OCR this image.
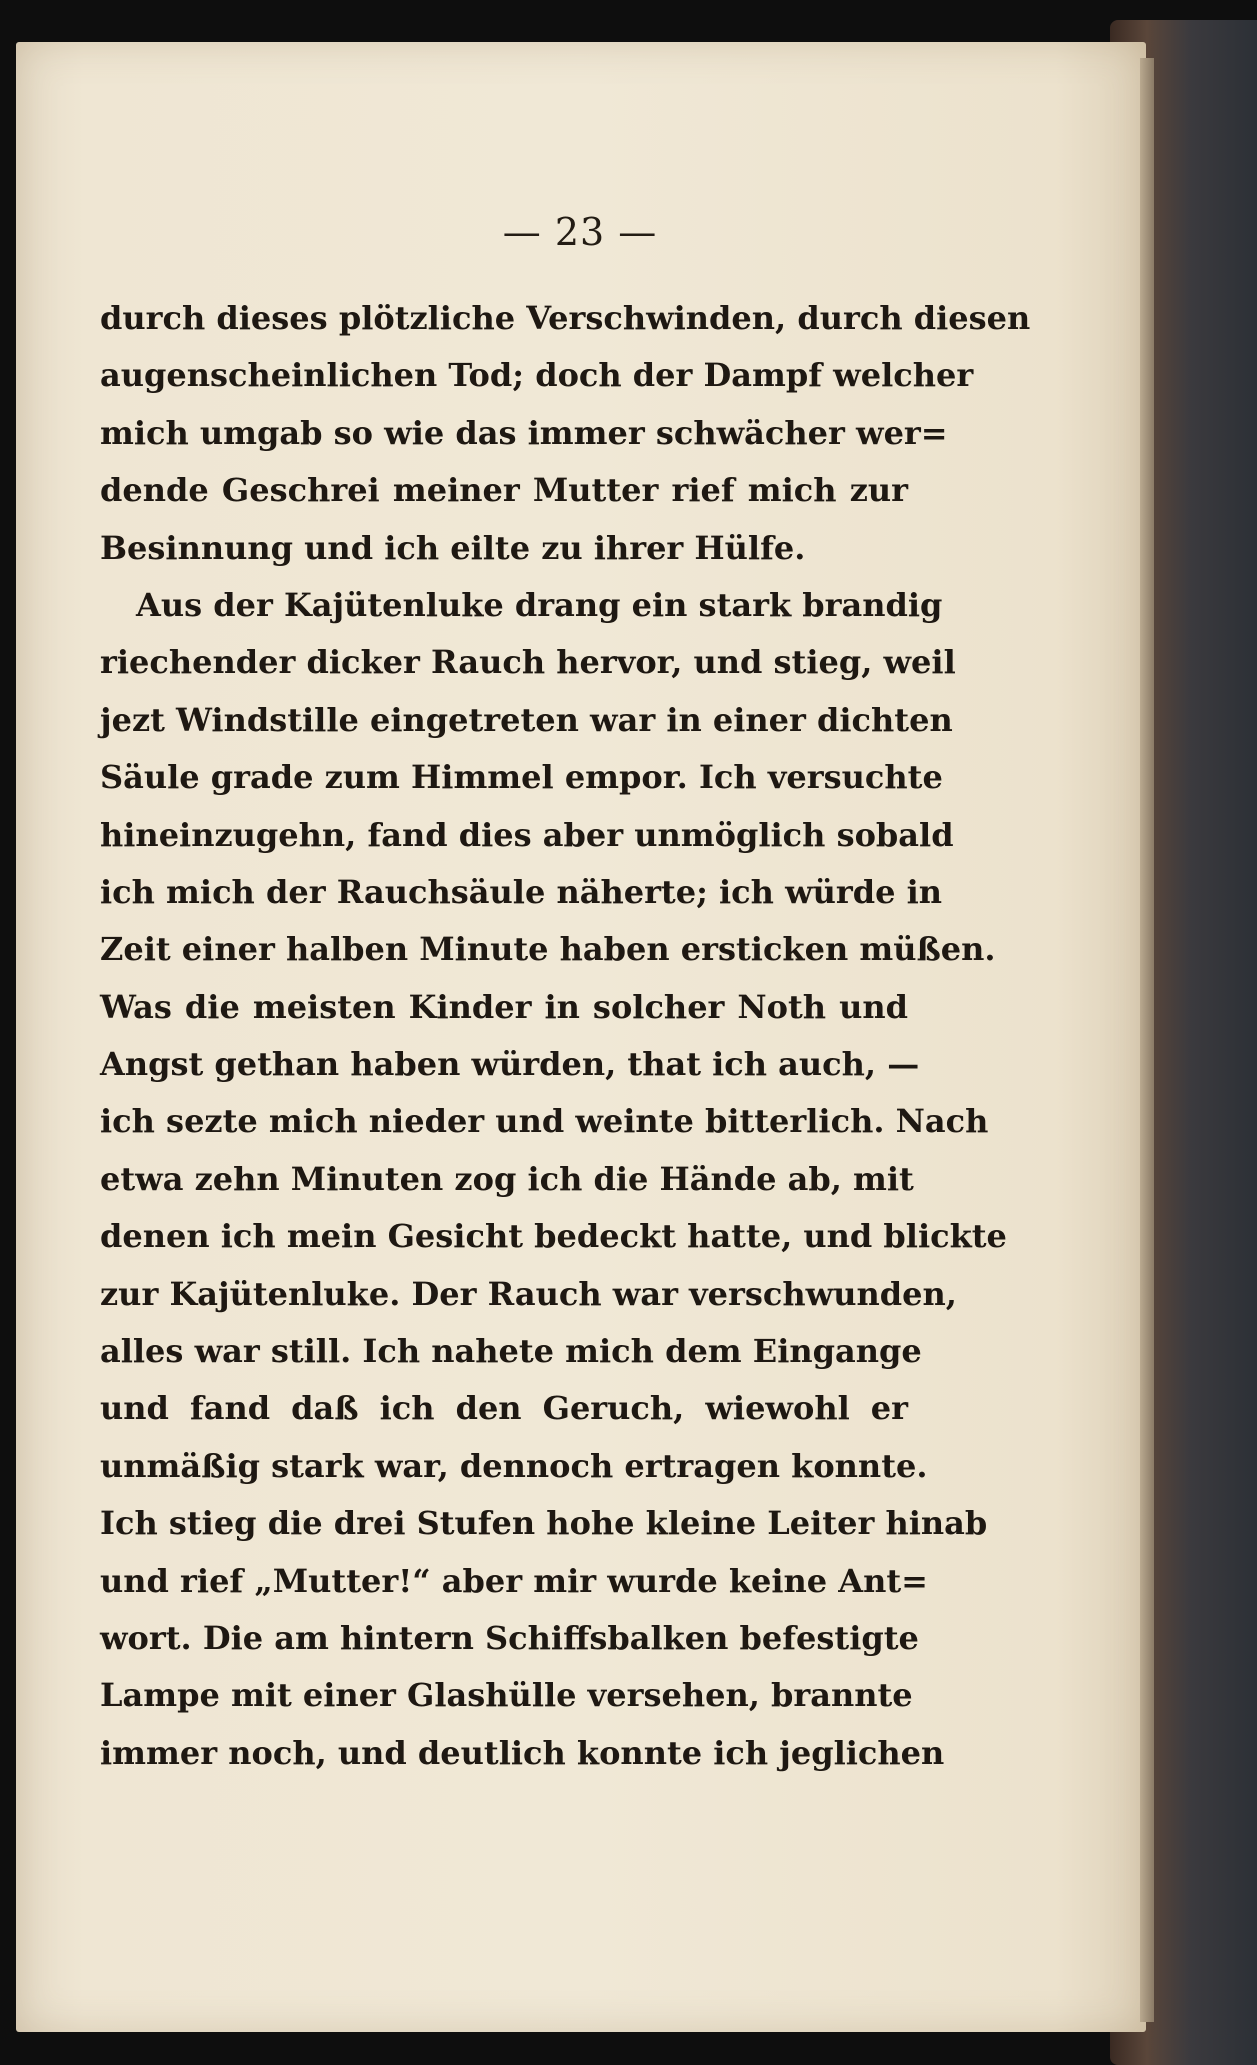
— 23 —
durch dieses plötzliche Verschwinden, durch diesen
augenscheinlichen Tod; doch der Dampf welcher
mich umgab so wie das immer schwächer wer=
dende Geschrei meiner Mutter rief mich zur
Besinnung und ich eilte zu ihrer Hülfe.
Aus der Kajütenluke drang ein stark brandig
riechender dicker Rauch hervor, und stieg, weil
jezt Windstille eingetreten war in einer dichten
Säule grade zum Himmel empor. Ich versuchte
hineinzugehn, fand dies aber unmöglich sobald
ich mich der Rauchsäule näherte; ich würde in
Zeit einer halben Minute haben ersticken müßen.
Was die meisten Kinder in solcher Noth und
Angst gethan haben würden, that ich auch, —
ich sezte mich nieder und weinte bitterlich. Nach
etwa zehn Minuten zog ich die Hände ab, mit
denen ich mein Gesicht bedeckt hatte, und blickte
zur Kajütenluke. Der Rauch war verschwunden,
alles war still. Ich nahete mich dem Eingange
und fand daß ich den Geruch, wiewohl er
unmäßig stark war, dennoch ertragen konnte.
Ich stieg die drei Stufen hohe kleine Leiter hinab
und rief „Mutter!“ aber mir wurde keine Ant=
wort. Die am hintern Schiffsbalken befestigte
Lampe mit einer Glashülle versehen, brannte
immer noch, und deutlich konnte ich jeglichen
